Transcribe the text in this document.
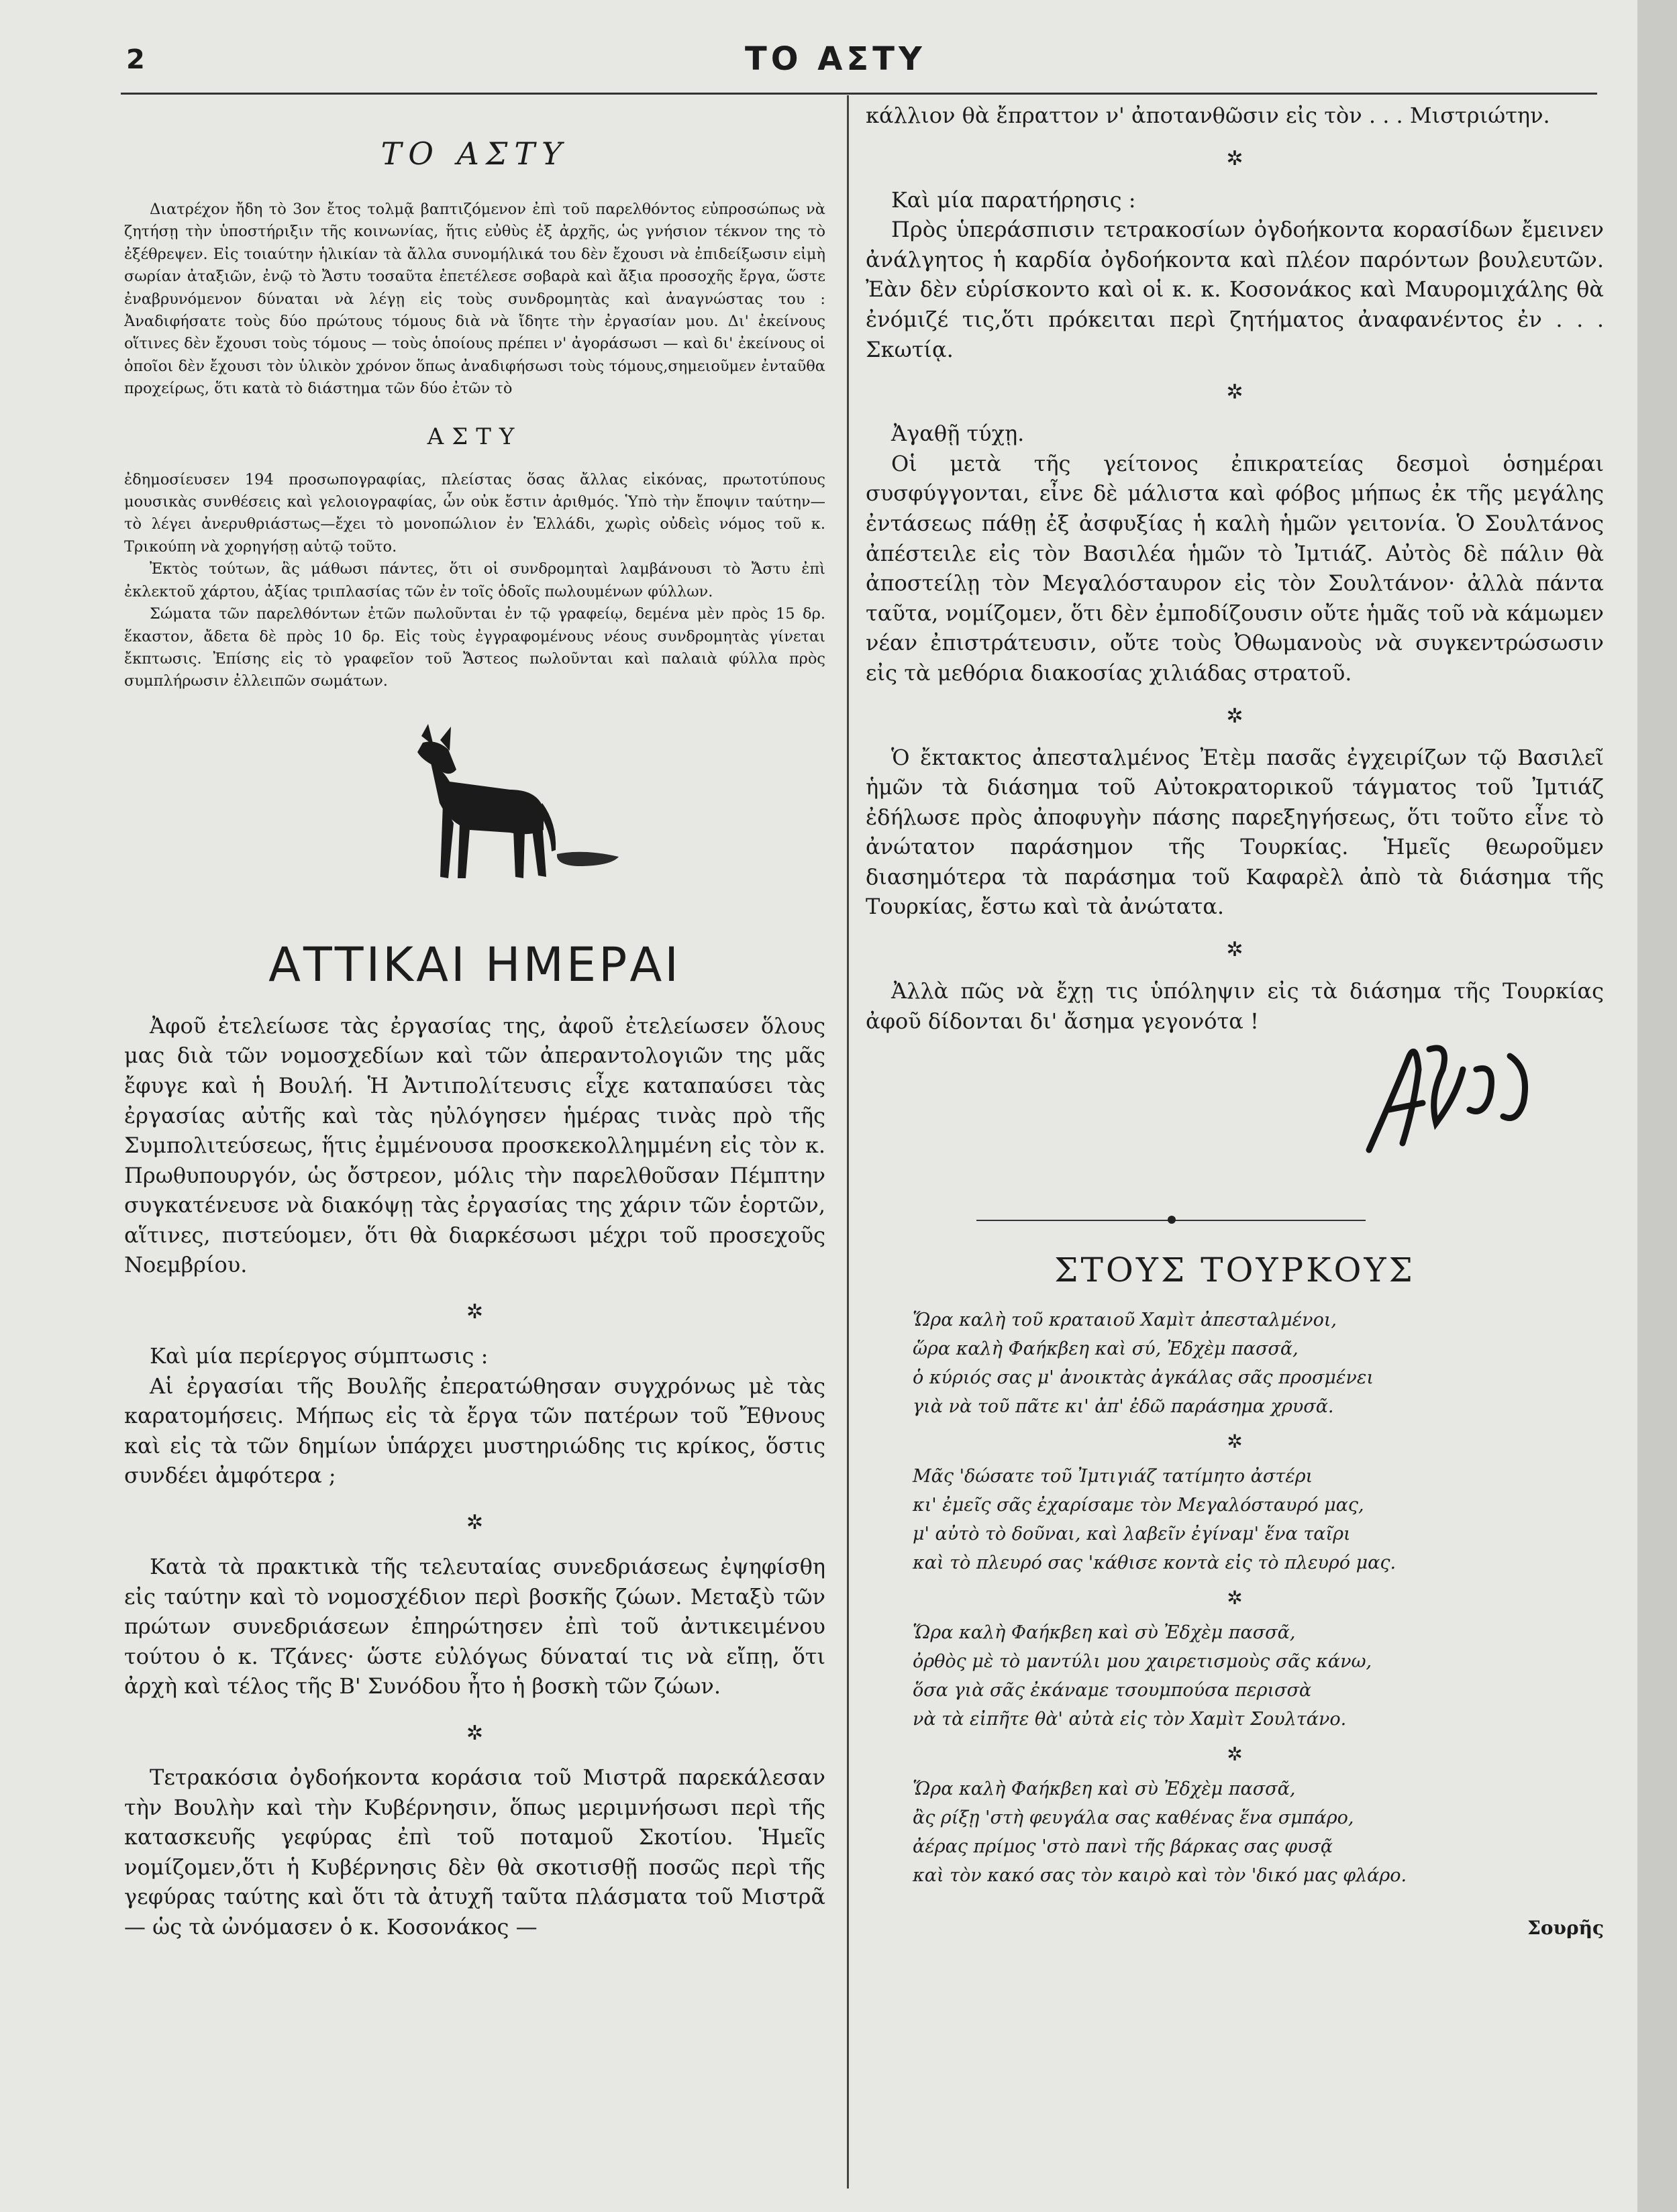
2	ΤΟ ΑΣΤΥ
ΤΟ ΑΣΤΥ

Διατρέχον ἤδη τὸ 3ον ἔτος τολμᾷ βαπτιζόμενον ἐπὶ τοῦ παρελθόντος εὐπροσώπως νὰ ζητήσῃ τὴν ὑποστήριξιν τῆς κοινωνίας, ἥτις εὐθὺς ἐξ ἀρχῆς, ὡς γνήσιον τέκνον της τὸ ἐξέθρεψεν. Εἰς τοιαύτην ἡλικίαν τὰ ἄλλα συνομήλικά του δὲν ἔχουσι νὰ ἐπιδείξωσιν εἰμὴ σωρίαν ἀταξιῶν, ἐνῷ τὸ Ἄστυ τοσαῦτα ἐπετέλεσε σοβαρὰ καὶ ἄξια προσοχῆς ἔργα, ὥστε ἐναβρυνόμενον δύναται νὰ λέγῃ εἰς τοὺς συνδρομητὰς καὶ ἀναγνώστας του : Ἀναδιφήσατε τοὺς δύο πρώτους τόμους διὰ νὰ ἴδητε τὴν ἐργασίαν μου. Δι' ἐκείνους οἵτινες δὲν ἔχουσι τοὺς τόμους — τοὺς ὁποίους πρέπει ν' ἀγοράσωσι — καὶ δι' ἐκείνους οἱ ὁποῖοι δὲν ἔχουσι τὸν ὑλικὸν χρόνον ὅπως ἀναδιφήσωσι τοὺς τόμους,σημειοῦμεν ἐνταῦθα προχείρως, ὅτι κατὰ τὸ διάστημα τῶν δύο ἐτῶν τὸ

ΑΣΤΥ

ἐδημοσίευσεν 194 προσωπογραφίας, πλείστας ὅσας ἄλλας εἰκόνας, πρωτοτύπους μουσικὰς συνθέσεις καὶ γελοιογραφίας, ὧν οὐκ ἔστιν ἀριθμός. Ὑπὸ τὴν ἔποψιν ταύτην—τὸ λέγει ἀνερυθριάστως—ἔχει τὸ μονοπώλιον ἐν Ἑλλάδι, χωρὶς οὐδεὶς νόμος τοῦ κ. Τρικούπη νὰ χορηγήσῃ αὐτῷ τοῦτο.

Ἐκτὸς τούτων, ἃς μάθωσι πάντες, ὅτι οἱ συνδρομηταὶ λαμβάνουσι τὸ Ἄστυ ἐπὶ ἐκλεκτοῦ χάρτου, ἀξίας τριπλασίας τῶν ἐν τοῖς ὁδοῖς πωλουμένων φύλλων.

Σώματα τῶν παρελθόντων ἐτῶν πωλοῦνται ἐν τῷ γραφείῳ, δεμένα μὲν πρὸς 15 δρ. ἕκαστον, ἄδετα δὲ πρὸς 10 δρ. Εἰς τοὺς ἐγγραφομένους νέους συνδρομητὰς γίνεται ἔκπτωσις. Ἐπίσης εἰς τὸ γραφεῖον τοῦ Ἄστεος πωλοῦνται καὶ παλαιὰ φύλλα πρὸς συμπλήρωσιν ἐλλειπῶν σωμάτων.

ΑΤΤΙΚΑΙ ΗΜΕΡΑΙ

Ἀφοῦ ἐτελείωσε τὰς ἐργασίας της, ἀφοῦ ἐτελείωσεν ὅλους μας διὰ τῶν νομοσχεδίων καὶ τῶν ἀπεραντολογιῶν της μᾶς ἔφυγε καὶ ἡ Βουλή. Ἡ Ἀντιπολίτευσις εἶχε καταπαύσει τὰς ἐργασίας αὐτῆς καὶ τὰς ηὐλόγησεν ἡμέρας τινὰς πρὸ τῆς Συμπολιτεύσεως, ἥτις ἐμμένουσα προσκεκολλημμένη εἰς τὸν κ. Πρωθυπουργόν, ὡς ὄστρεον, μόλις τὴν παρελθοῦσαν Πέμπτην συγκατένευσε νὰ διακόψῃ τὰς ἐργασίας της χάριν τῶν ἑορτῶν, αἵτινες, πιστεύομεν, ὅτι θὰ διαρκέσωσι μέχρι τοῦ προσεχοῦς Νοεμβρίου.

✲

Καὶ μία περίεργος σύμπτωσις :

Αἱ ἐργασίαι τῆς Βουλῆς ἐπερατώθησαν συγχρόνως μὲ τὰς καρατομήσεις. Μήπως εἰς τὰ ἔργα τῶν πατέρων τοῦ Ἔθνους καὶ εἰς τὰ τῶν δημίων ὑπάρχει μυστηριώδης τις κρίκος, ὅστις συνδέει ἀμφότερα ;

✲

Κατὰ τὰ πρακτικὰ τῆς τελευταίας συνεδριάσεως ἐψηφίσθη εἰς ταύτην καὶ τὸ νομοσχέδιον περὶ βοσκῆς ζώων. Μεταξὺ τῶν πρώτων συνεδριάσεων ἐπηρώτησεν ἐπὶ τοῦ ἀντικειμένου τούτου ὁ κ. Τζάνες· ὥστε εὐλόγως δύναταί τις νὰ εἴπῃ, ὅτι ἀρχὴ καὶ τέλος τῆς Β' Συνόδου ἦτο ἡ βοσκὴ τῶν ζώων.

✲

Τετρακόσια ὀγδοήκοντα κοράσια τοῦ Μιστρᾶ παρεκάλεσαν τὴν Βουλὴν καὶ τὴν Κυβέρνησιν, ὅπως μεριμνήσωσι περὶ τῆς κατασκευῆς γεφύρας ἐπὶ τοῦ ποταμοῦ Σκοτίου. Ἡμεῖς νομίζομεν,ὅτι ἡ Κυβέρνησις δὲν θὰ σκοτισθῇ ποσῶς περὶ τῆς γεφύρας ταύτης καὶ ὅτι τὰ ἀτυχῆ ταῦτα πλάσματα τοῦ Μιστρᾶ — ὡς τὰ ὠνόμασεν ὁ κ. Κοσονάκος —

κάλλιον θὰ ἔπραττον ν' ἀποτανθῶσιν εἰς τὸν . . . Μιστριώτην.

✲

Καὶ μία παρατήρησις :

Πρὸς ὑπεράσπισιν τετρακοσίων ὀγδοήκοντα κορασίδων ἔμεινεν ἀνάλγητος ἡ καρδία ὀγδοήκοντα καὶ πλέον παρόντων βουλευτῶν. Ἐὰν δὲν εὑρίσκοντο καὶ οἱ κ. κ. Κοσονάκος καὶ Μαυρομιχάλης θὰ ἐνόμιζέ τις,ὅτι πρόκειται περὶ ζητήματος ἀναφανέντος ἐν . . . Σκωτίᾳ.

✲

Ἀγαθῇ τύχῃ.

Οἱ μετὰ τῆς γείτονος ἐπικρατείας δεσμοὶ ὁσημέραι συσφύγγονται, εἶνε δὲ μάλιστα καὶ φόβος μήπως ἐκ τῆς μεγάλης ἐντάσεως πάθῃ ἐξ ἀσφυξίας ἡ καλὴ ἡμῶν γειτονία. Ὁ Σουλτάνος ἀπέστειλε εἰς τὸν Βασιλέα ἡμῶν τὸ Ἰμτιάζ. Αὐτὸς δὲ πάλιν θὰ ἀποστείλῃ τὸν Μεγαλόσταυρον εἰς τὸν Σουλτάνον· ἀλλὰ πάντα ταῦτα, νομίζομεν, ὅτι δὲν ἐμποδίζουσιν οὔτε ἡμᾶς τοῦ νὰ κάμωμεν νέαν ἐπιστράτευσιν, οὔτε τοὺς Ὀθωμανοὺς νὰ συγκεντρώσωσιν εἰς τὰ μεθόρια διακοσίας χιλιάδας στρατοῦ.

✲

Ὁ ἔκτακτος ἀπεσταλμένος Ἐτὲμ πασᾶς ἐγχειρίζων τῷ Βασιλεῖ ἡμῶν τὰ διάσημα τοῦ Αὐτοκρατορικοῦ τάγματος τοῦ Ἰμτιάζ ἐδήλωσε πρὸς ἀποφυγὴν πάσης παρεξηγήσεως, ὅτι τοῦτο εἶνε τὸ ἀνώτατον παράσημον τῆς Τουρκίας. Ἡμεῖς θεωροῦμεν διασημότερα τὰ παράσημα τοῦ Καφαρὲλ ἀπὸ τὰ διάσημα τῆς Τουρκίας, ἔστω καὶ τὰ ἀνώτατα.

✲

Ἀλλὰ πῶς νὰ ἔχῃ τις ὑπόληψιν εἰς τὰ διάσημα τῆς Τουρκίας ἀφοῦ δίδονται δι' ἄσημα γεγονότα !

ΣΤΟΥΣ ΤΟΥΡΚΟΥΣ

Ὥρα καλὴ τοῦ κραταιοῦ Χαμὶτ ἀπεσταλμένοι,

ὥρα καλὴ Φαήκβεη καὶ σύ, Ἐδχὲμ πασσᾶ,

ὁ κύριός σας μ' ἀνοικτὰς ἀγκάλας σᾶς προσμένει

γιὰ νὰ τοῦ πᾶτε κι' ἀπ' ἐδῶ παράσημα χρυσᾶ.

✲

Μᾶς 'δώσατε τοῦ Ἰμτιγιάζ τατίμητο ἀστέρι

κι' ἐμεῖς σᾶς ἐχαρίσαμε τὸν Μεγαλόσταυρό μας,

μ' αὐτὸ τὸ δοῦναι, καὶ λαβεῖν ἐγίναμ' ἕνα ταῖρι

καὶ τὸ πλευρό σας 'κάθισε κοντὰ εἰς τὸ πλευρό μας.

✲

Ὥρα καλὴ Φαήκβεη καὶ σὺ Ἐδχὲμ πασσᾶ,

ὀρθὸς μὲ τὸ μαντύλι μου χαιρετισμοὺς σᾶς κάνω,

ὅσα γιὰ σᾶς ἐκάναμε τσουμπούσα περισσὰ

νὰ τὰ εἰπῆτε θὰ' αὐτὰ εἰς τὸν Χαμὶτ Σουλτάνο.

✲

Ὥρα καλὴ Φαήκβεη καὶ σὺ Ἐδχὲμ πασσᾶ,

ἂς ρίξῃ 'στὴ φευγάλα σας καθένας ἕνα σμπάρο,

ἀέρας πρίμος 'στὸ πανὶ τῆς βάρκας σας φυσᾷ

καὶ τὸν κακό σας τὸν καιρὸ καὶ τὸν 'δικό μας φλάρο.

Σουρῆς
